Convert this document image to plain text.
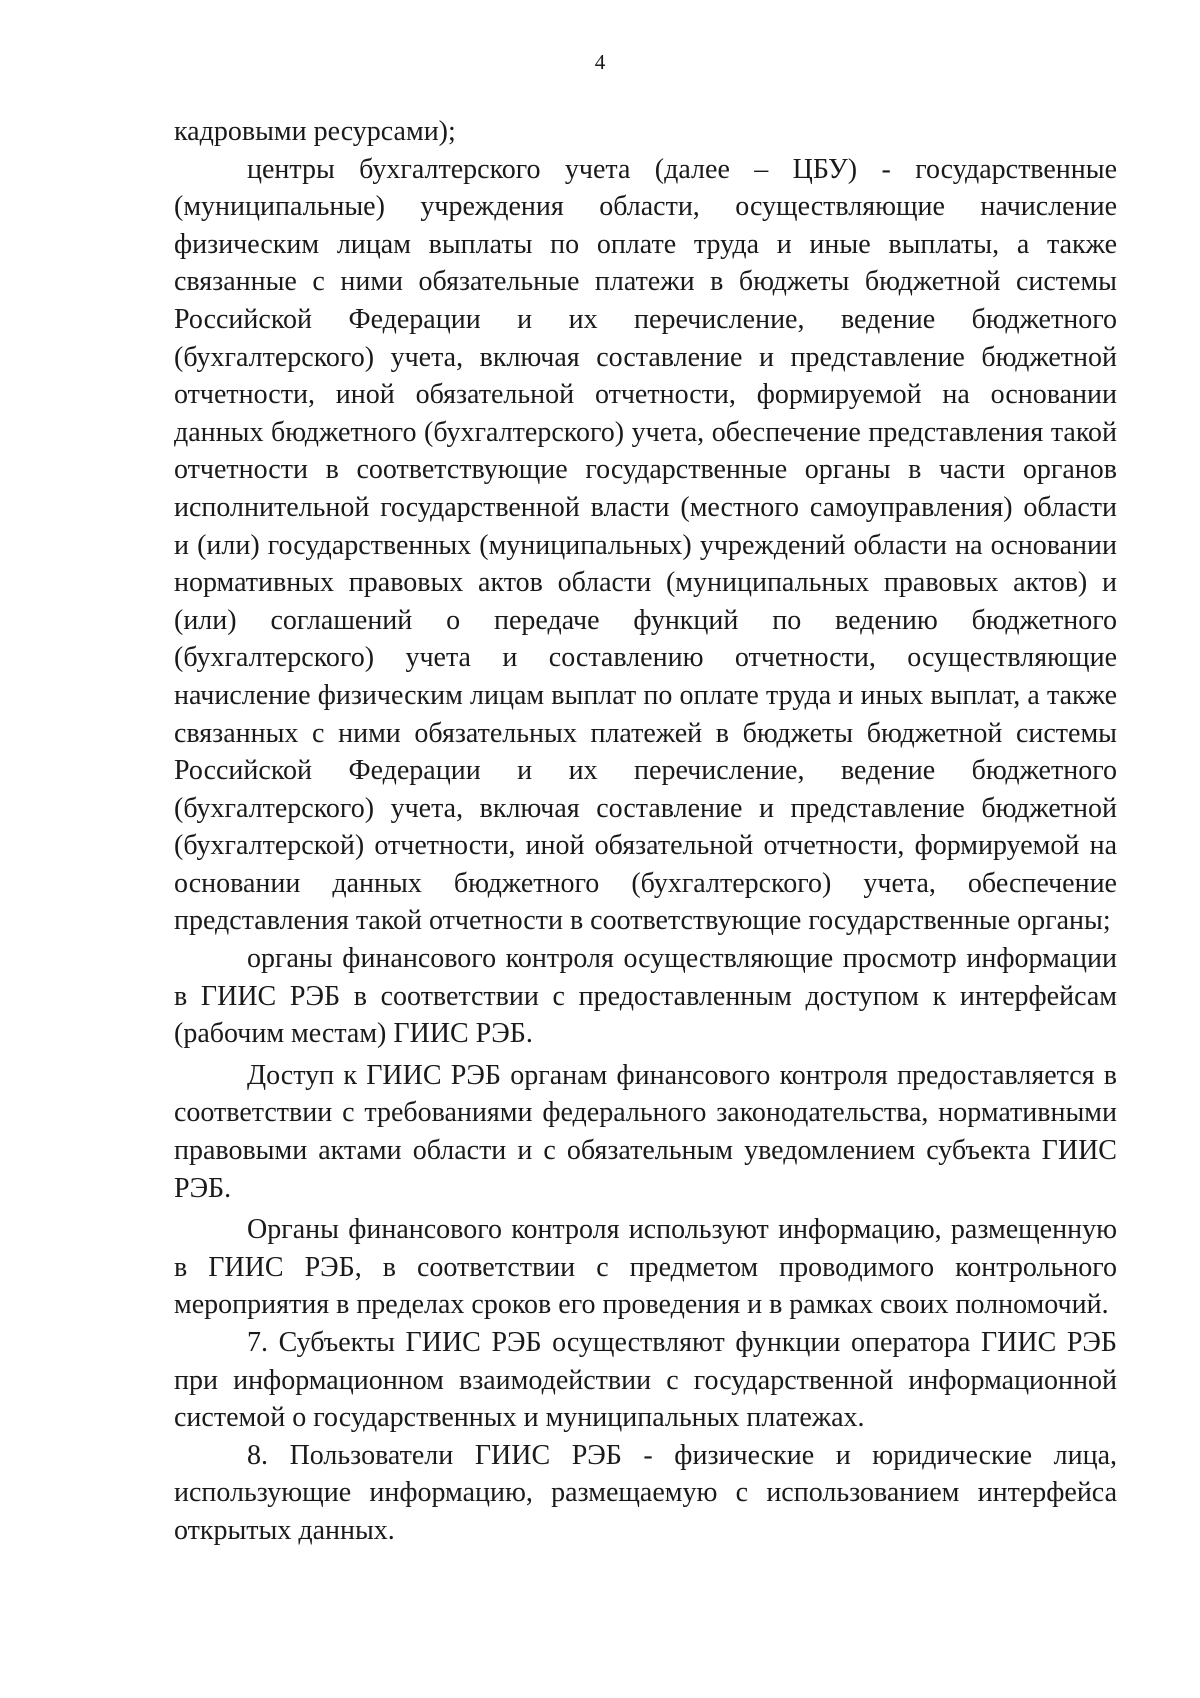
4

кадровыми ресурсами);

центры бухгалтерского учета (далее – ЦБУ) - государственные (муниципальные) учреждения области, осуществляющие начисление физическим лицам выплаты по оплате труда и иные выплаты, а также связанные с ними обязательные платежи в бюджеты бюджетной системы Российской Федерации и их перечисление, ведение бюджетного (бухгалтерского) учета, включая составление и представление бюджетной отчетности, иной обязательной отчетности, формируемой на основании данных бюджетного (бухгалтерского) учета, обеспечение представления такой отчетности в соответствующие государственные органы в части органов исполнительной государственной власти (местного самоуправления) области и (или) государственных (муниципальных) учреждений области на основании нормативных правовых актов области (муниципальных правовых актов) и (или) соглашений о передаче функций по ведению бюджетного (бухгалтерского) учета и составлению отчетности, осуществляющие начисление физическим лицам выплат по оплате труда и иных выплат, а также связанных с ними обязательных платежей в бюджеты бюджетной системы Российской Федерации и их перечисление, ведение бюджетного (бухгалтерского) учета, включая составление и представление бюджетной (бухгалтерской) отчетности, иной обязательной отчетности, формируемой на основании данных бюджетного (бухгалтерского) учета, обеспечение представления такой отчетности в соответствующие государственные органы;

органы финансового контроля осуществляющие просмотр информации в ГИИС РЭБ в соответствии с предоставленным доступом к интерфейсам (рабочим местам) ГИИС РЭБ.

Доступ к ГИИС РЭБ органам финансового контроля предоставляется в соответствии с требованиями федерального законодательства, нормативными правовыми актами области и с обязательным уведомлением субъекта ГИИС РЭБ.

Органы финансового контроля используют информацию, размещенную в ГИИС РЭБ, в соответствии с предметом проводимого контрольного мероприятия в пределах сроков его проведения и в рамках своих полномочий.

7. Субъекты ГИИС РЭБ осуществляют функции оператора ГИИС РЭБ при информационном взаимодействии с государственной информационной системой о государственных и муниципальных платежах.

8. Пользователи ГИИС РЭБ - физические и юридические лица, использующие информацию, размещаемую с использованием интерфейса открытых данных.
